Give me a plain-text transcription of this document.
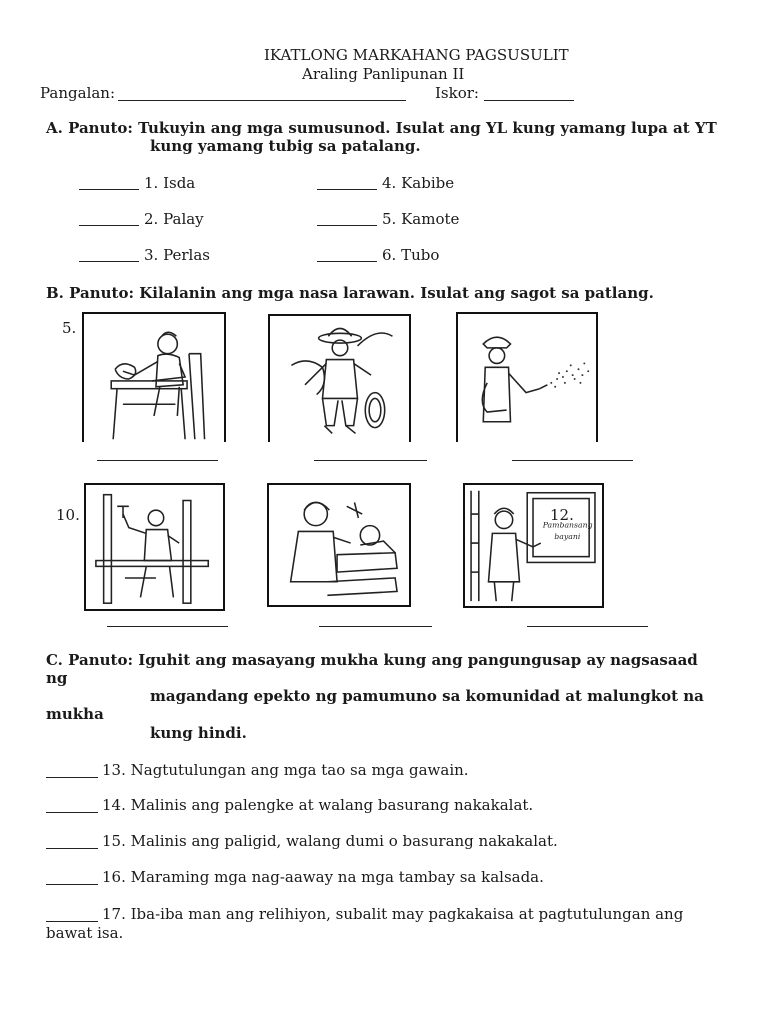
IKATLONG MARKAHANG PAGSUSULIT
Araling Panlipunan II
Pangalan:	Iskor:
A. Panuto: Tukuyin ang mga sumusunod. Isulat ang YL kung yamang lupa at YT
kung yamang tubig sa patalang.
1. Isda
2. Palay
3. Perlas
4. Kabibe
5. Kamote
6. Tubo
B. Panuto: Kilalanin ang mga nasa larawan. Isulat ang sagot sa patlang.
5.
10.
Pambansang
bayani
12.
C. Panuto: Iguhit ang masayang mukha kung ang pangungusap ay nagsasaad
ng
magandang epekto ng pamumuno sa komunidad at malungkot na
mukha
kung hindi.
13. Nagtutulungan ang mga tao sa mga gawain.
14. Malinis ang palengke at walang basurang nakakalat.
15. Malinis ang paligid, walang dumi o basurang nakakalat.
16. Maraming mga nag-aaway na mga tambay sa kalsada.
17. Iba-iba man ang relihiyon, subalit may pagkakaisa at pagtutulungan ang
bawat isa.
